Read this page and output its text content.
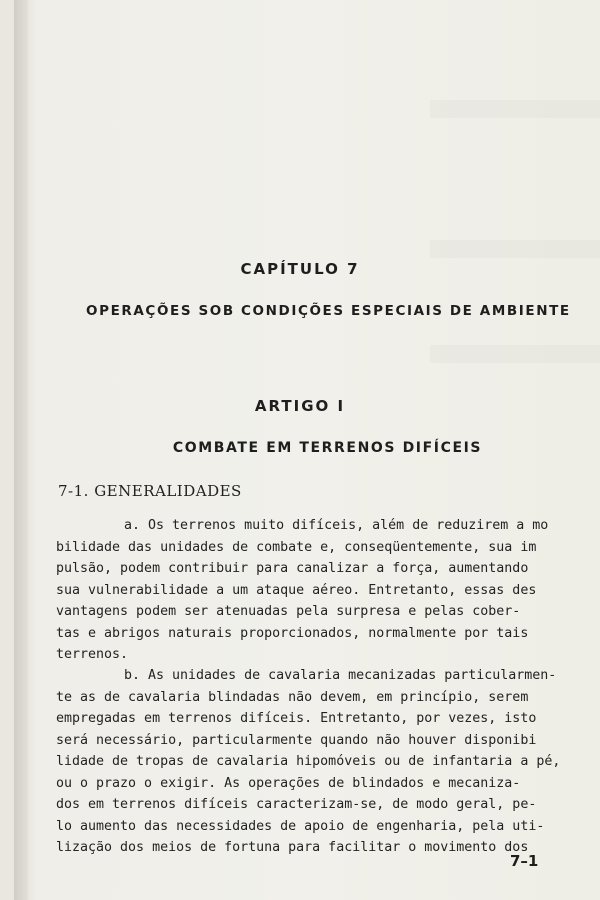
CAPÍTULO 7
OPERAÇÕES SOB CONDIÇÕES ESPECIAIS DE AMBIENTE
ARTIGO I
COMBATE EM TERRENOS DIFÍCEIS
7-1. GENERALIDADES
a. Os terrenos muito difíceis, além de reduzirem a mo
bilidade das unidades de combate e, conseqüentemente, sua im
pulsão, podem contribuir para canalizar a força, aumentando
sua vulnerabilidade a um ataque aéreo. Entretanto, essas des
vantagens podem ser atenuadas pela surpresa e pelas cober-
tas e abrigos naturais proporcionados, normalmente por tais
terrenos.
b. As unidades de cavalaria mecanizadas particularmen-
te as de cavalaria blindadas não devem, em princípio, serem
empregadas em terrenos difíceis. Entretanto, por vezes, isto
será necessário, particularmente quando não houver disponibi
lidade de tropas de cavalaria hipomóveis ou de infantaria a pé,
ou o prazo o exigir. As operações de blindados e mecaniza-
dos em terrenos difíceis caracterizam-se, de modo geral, pe-
lo aumento das necessidades de apoio de engenharia, pela uti-
lização dos meios de fortuna para facilitar o movimento dos
7–1
